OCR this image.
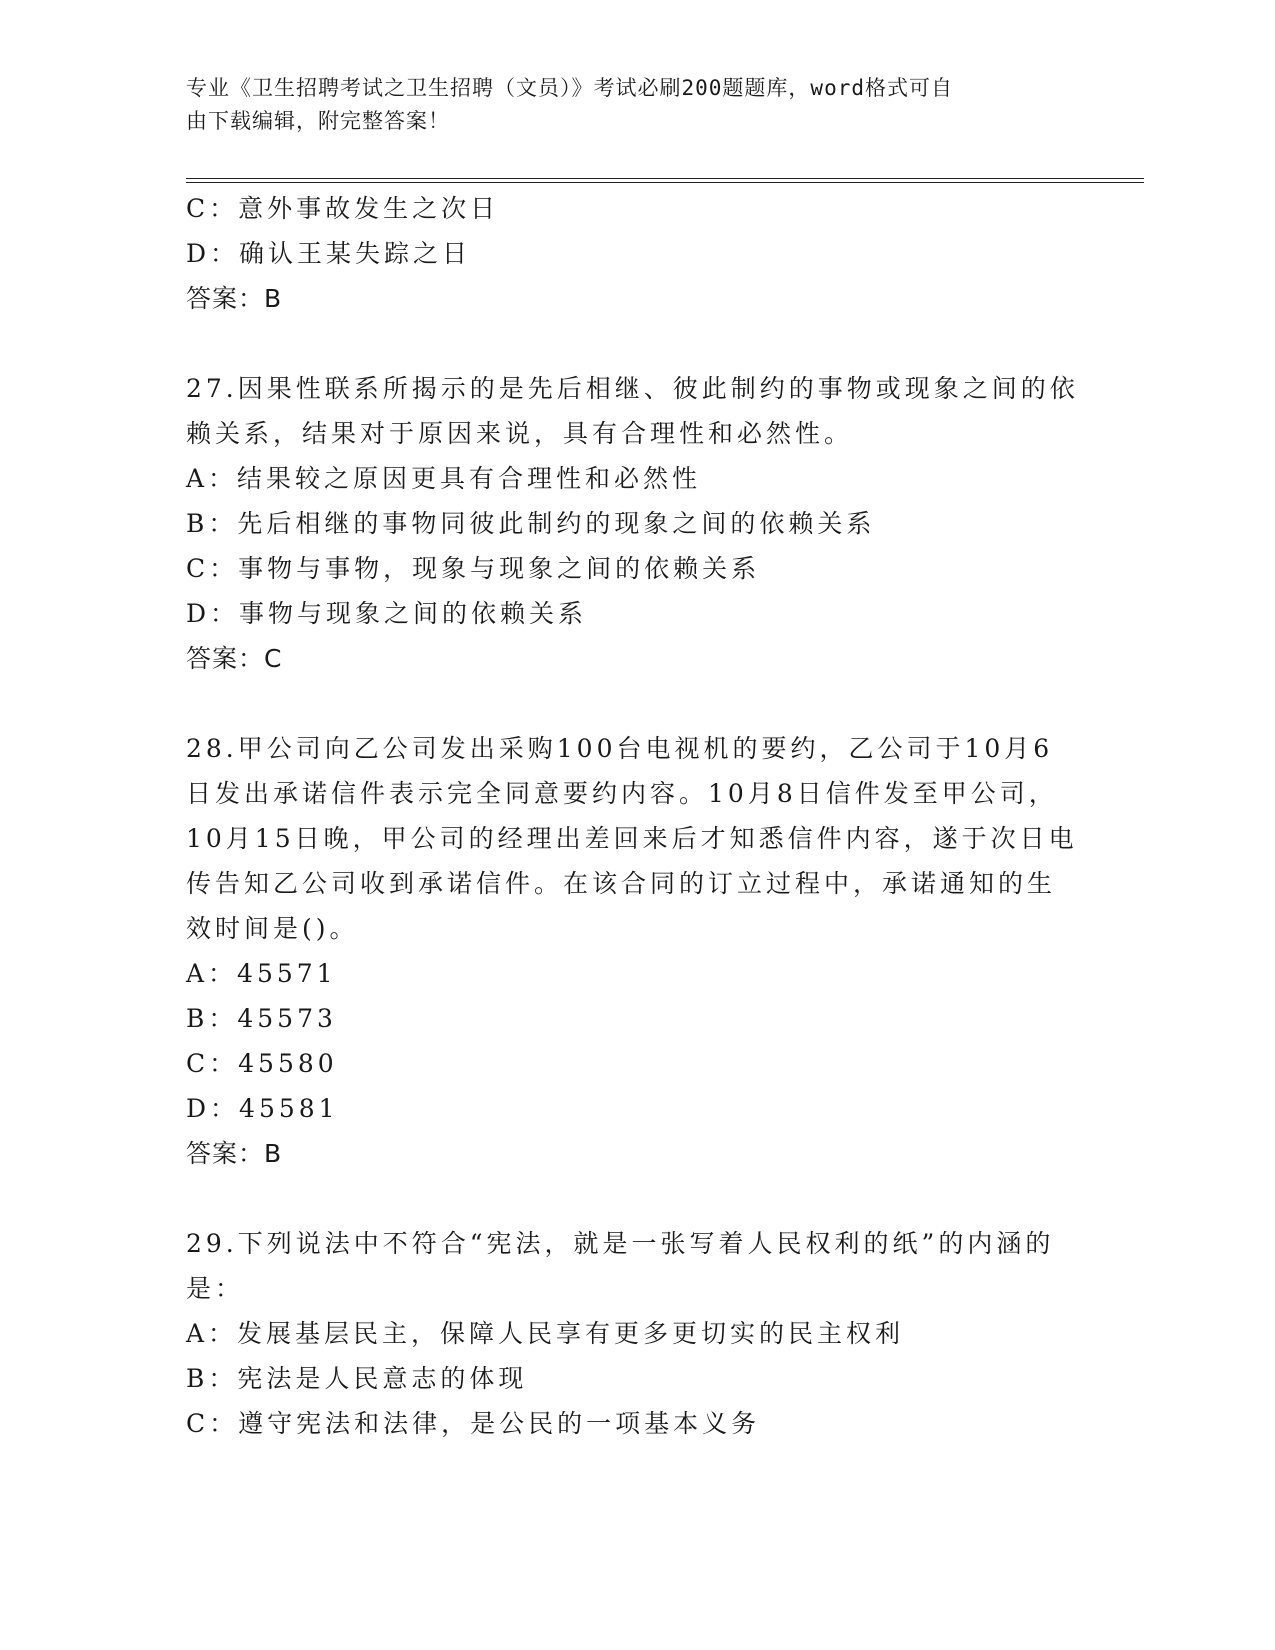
专业《卫生招聘考试之卫生招聘（文员）》考试必刷200题题库，word格式可自
由下载编辑，附完整答案！

C：意外事故发生之次日

D：确认王某失踪之日

答案：B

27.因果性联系所揭示的是先后相继、彼此制约的事物或现象之间的依

赖关系，结果对于原因来说，具有合理性和必然性。

A：结果较之原因更具有合理性和必然性

B：先后相继的事物同彼此制约的现象之间的依赖关系

C：事物与事物，现象与现象之间的依赖关系

D：事物与现象之间的依赖关系

答案：C

28.甲公司向乙公司发出采购100台电视机的要约，乙公司于10月6

日发出承诺信件表示完全同意要约内容。10月8日信件发至甲公司，

10月15日晚，甲公司的经理出差回来后才知悉信件内容，遂于次日电

传告知乙公司收到承诺信件。在该合同的订立过程中，承诺通知的生

效时间是()。

A：45571

B：45573

C：45580

D：45581

答案：B

29.下列说法中不符合“宪法，就是一张写着人民权利的纸”的内涵的

是：

A：发展基层民主，保障人民享有更多更切实的民主权利

B：宪法是人民意志的体现

C：遵守宪法和法律，是公民的一项基本义务
